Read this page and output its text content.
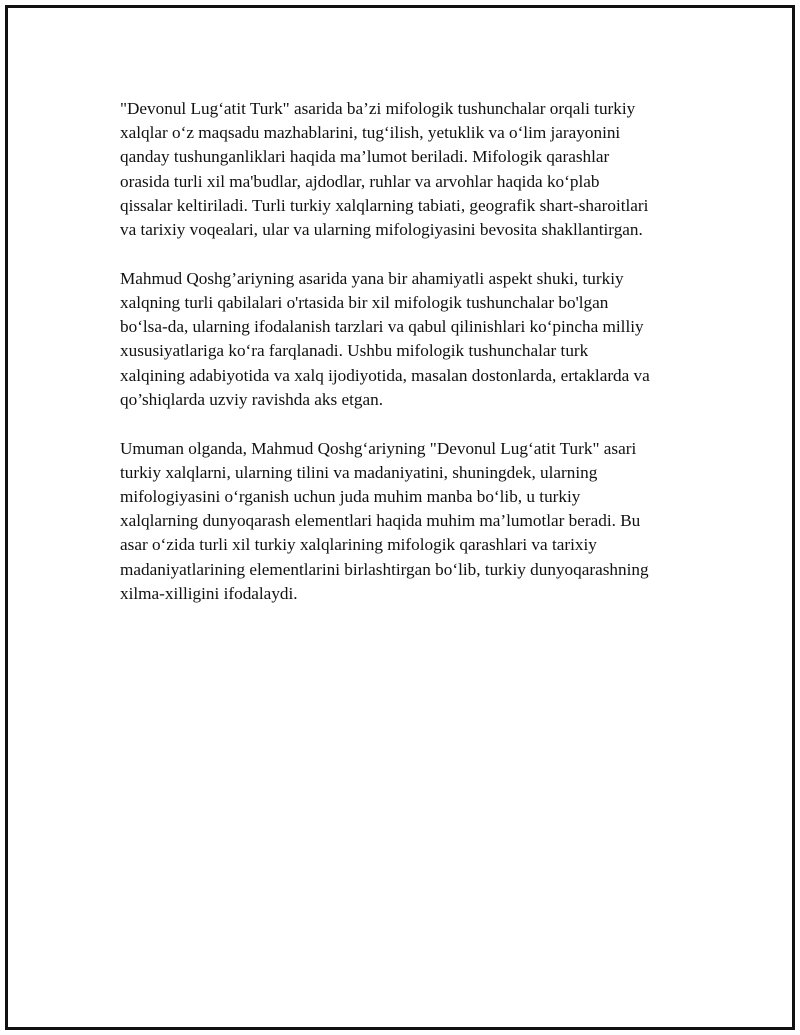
"Devonul Lug‘atit Turk" asarida ba’zi mifologik tushunchalar orqali turkiy
xalqlar o‘z maqsadu mazhablarini, tug‘ilish, yetuklik va o‘lim jarayonini
qanday tushunganliklari haqida ma’lumot beriladi. Mifologik qarashlar
orasida turli xil ma'budlar, ajdodlar, ruhlar va arvohlar haqida ko‘plab
qissalar keltiriladi. Turli turkiy xalqlarning tabiati, geografik shart-sharoitlari
va tarixiy voqealari, ular va ularning mifologiyasini bevosita shakllantirgan.

Mahmud Qoshg’ariyning asarida yana bir ahamiyatli aspekt shuki, turkiy
xalqning turli qabilalari o'rtasida bir xil mifologik tushunchalar bo'lgan
bo‘lsa-da, ularning ifodalanish tarzlari va qabul qilinishlari ko‘pincha milliy
xususiyatlariga ko‘ra farqlanadi. Ushbu mifologik tushunchalar turk
xalqining adabiyotida va xalq ijodiyotida, masalan dostonlarda, ertaklarda va
qo’shiqlarda uzviy ravishda aks etgan.

Umuman olganda, Mahmud Qoshg‘ariyning "Devonul Lug‘atit Turk" asari
turkiy xalqlarni, ularning tilini va madaniyatini, shuningdek, ularning
mifologiyasini o‘rganish uchun juda muhim manba bo‘lib, u turkiy
xalqlarning dunyoqarash elementlari haqida muhim ma’lumotlar beradi. Bu
asar o‘zida turli xil turkiy xalqlarining mifologik qarashlari va tarixiy
madaniyatlarining elementlarini birlashtirgan bo‘lib, turkiy dunyoqarashning
xilma-xilligini ifodalaydi.
